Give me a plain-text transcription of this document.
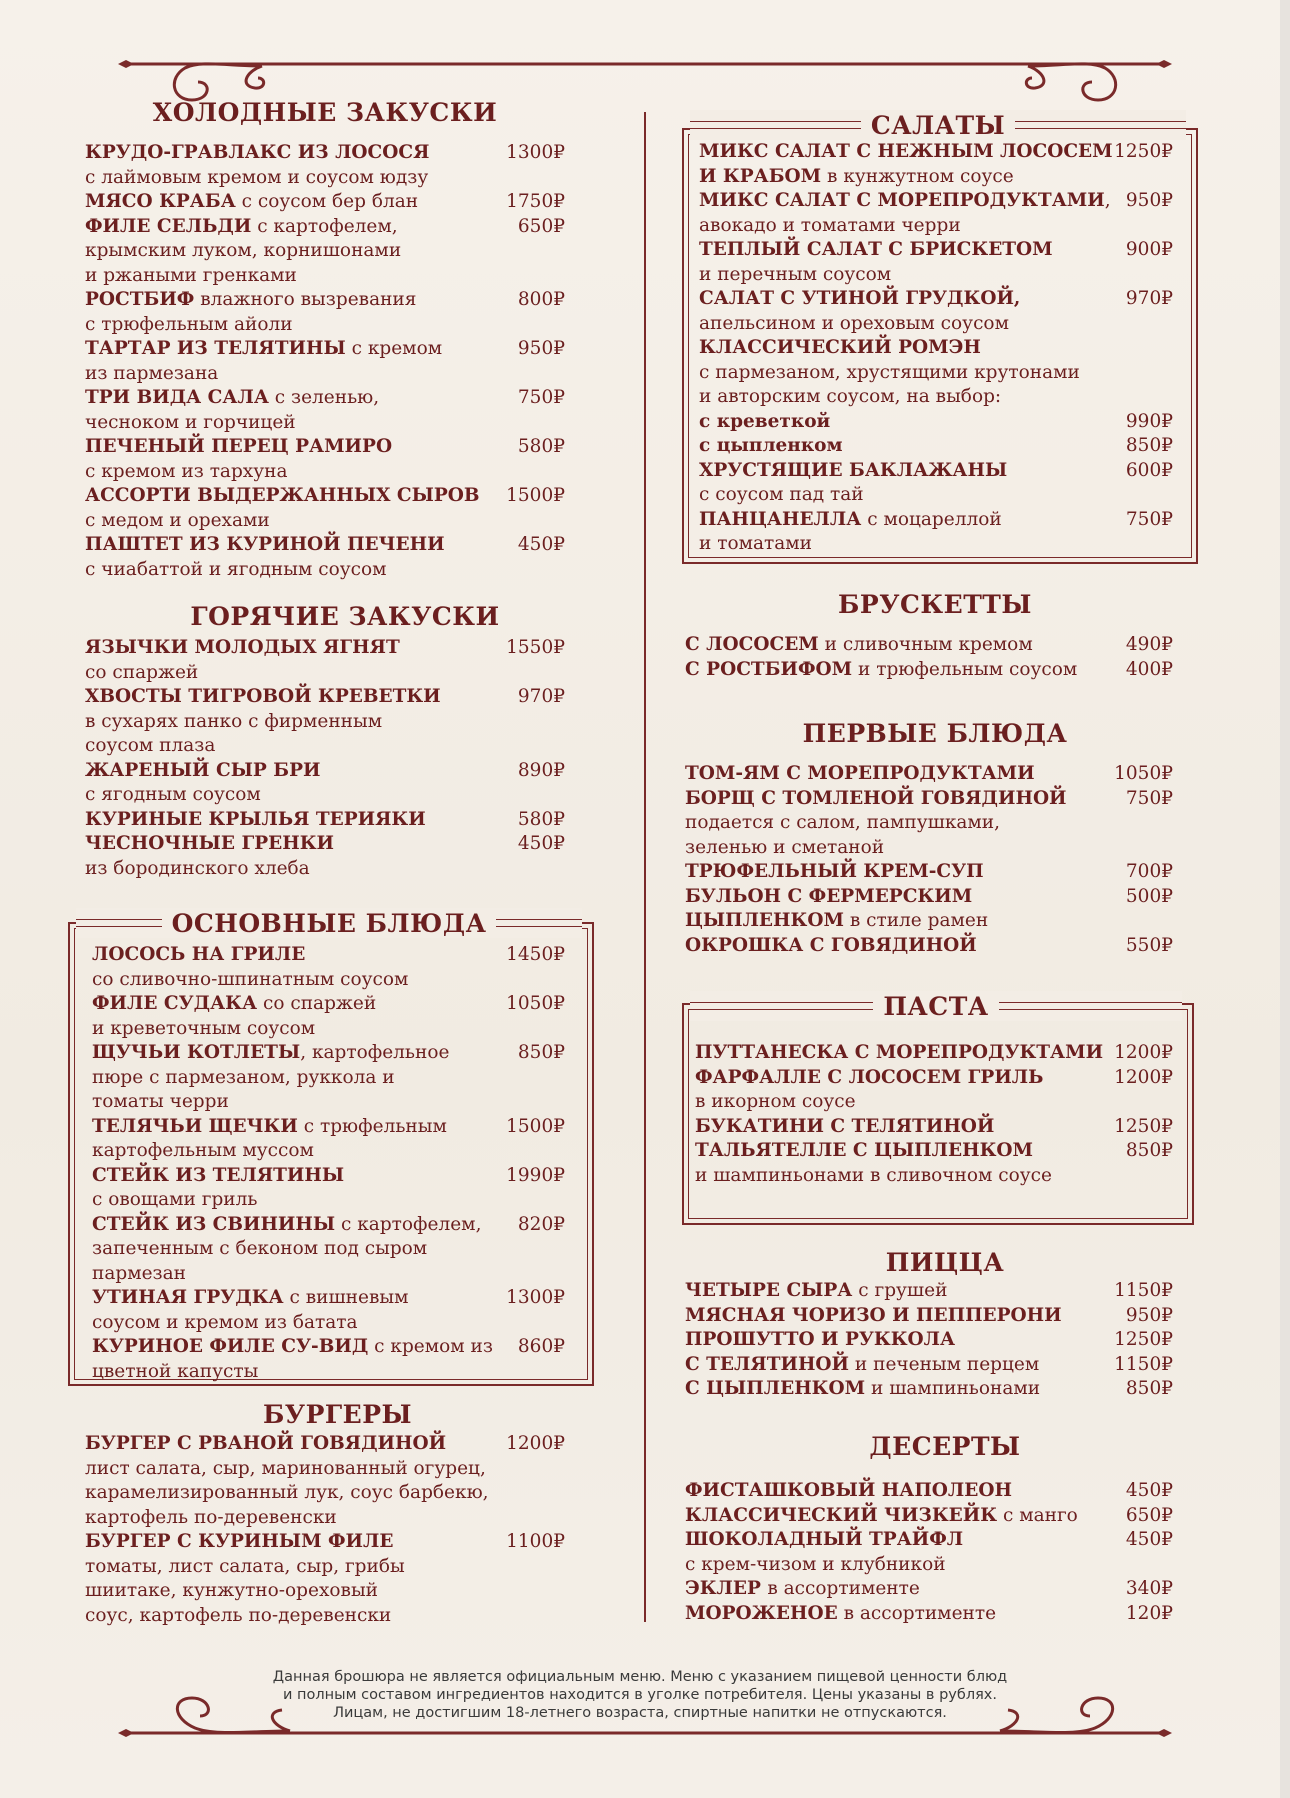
ХОЛОДНЫЕ ЗАКУСКИ
КРУДО-ГРАВЛАКС ИЗ ЛОСОСЯ	1300₽
с лаймовым кремом и соусом юдзу
МЯСО КРАБА с соусом бер блан	1750₽
ФИЛЕ СЕЛЬДИ с картофелем,	650₽
крымским луком, корнишонами
и ржаными гренками
РОСТБИФ влажного вызревания	800₽
с трюфельным айоли
ТАРТАР ИЗ ТЕЛЯТИНЫ с кремом	950₽
из пармезана
ТРИ ВИДА САЛА с зеленью,	750₽
чесноком и горчицей
ПЕЧЕНЫЙ ПЕРЕЦ РАМИРО	580₽
с кремом из тархуна
АССОРТИ ВЫДЕРЖАННЫХ СЫРОВ 1500₽
с медом и орехами
ПАШТЕТ ИЗ КУРИНОЙ ПЕЧЕНИ	450₽
с чиабаттой и ягодным соусом
ГОРЯЧИЕ ЗАКУСКИ
ЯЗЫЧКИ МОЛОДЫХ ЯГНЯТ	1550₽
со спаржей
ХВОСТЫ ТИГРОВОЙ КРЕВЕТКИ	970₽
в сухарях панко с фирменным
соусом плаза
ЖАРЕНЫЙ СЫР БРИ	890₽
с ягодным соусом
КУРИНЫЕ КРЫЛЬЯ ТЕРИЯКИ	580₽
ЧЕСНОЧНЫЕ ГРЕНКИ	450₽
из бородинского хлеба
ОСНОВНЫЕ БЛЮДА
ЛОСОСЬ НА ГРИЛЕ	1450₽
со сливочно-шпинатным соусом
ФИЛЕ СУДАКА со спаржей	1050₽
и креветочным соусом
ЩУЧЬИ КОТЛЕТЫ, картофельное	850₽
пюре с пармезаном, руккола и
томаты черри
ТЕЛЯЧЬИ ЩЕЧКИ с трюфельным	1500₽
картофельным муссом
СТЕЙК ИЗ ТЕЛЯТИНЫ	1990₽
с овощами гриль
СТЕЙК ИЗ СВИНИНЫ с картофелем, 820₽
запеченным с беконом под сыром
пармезан
УТИНАЯ ГРУДКА с вишневым	1300₽
соусом и кремом из батата
КУРИНОЕ ФИЛЕ СУ-ВИД с кремом из 860₽
цветной капусты
БУРГЕРЫ
БУРГЕР С РВАНОЙ ГОВЯДИНОЙ	1200₽
лист салата, сыр, маринованный огурец,
карамелизированный лук, соус барбекю,
картофель по-деревенски
БУРГЕР С КУРИНЫМ ФИЛЕ	1100₽
томаты, лист салата, сыр, грибы
шиитаке, кунжутно-ореховый
соус, картофель по-деревенски
САЛАТЫ
МИКС САЛАТ С НЕЖНЫМ ЛОСОСЕМ 1250₽
И КРАБОМ в кунжутном соусе
МИКС САЛАТ С МОРЕПРОДУКТАМИ, 950₽
авокадо и томатами черри
ТЕПЛЫЙ САЛАТ С БРИСКЕТОМ	900₽
и перечным соусом
САЛАТ С УТИНОЙ ГРУДКОЙ,	970₽
апельсином и ореховым соусом
КЛАССИЧЕСКИЙ РОМЭН
с пармезаном, хрустящими крутонами
и авторским соусом, на выбор:
с креветкой	990₽
с цыпленком	850₽
ХРУСТЯЩИЕ БАКЛАЖАНЫ	600₽
с соусом пад тай
ПАНЦАНЕЛЛА с моцареллой	750₽
и томатами
БРУСКЕТТЫ
С ЛОСОСЕМ и сливочным кремом	490₽
С РОСТБИФОМ и трюфельным соусом	400₽
ПЕРВЫЕ БЛЮДА
ТОМ-ЯМ С МОРЕПРОДУКТАМИ	1050₽
БОРЩ С ТОМЛЕНОЙ ГОВЯДИНОЙ	750₽
подается с салом, пампушками,
зеленью и сметаной
ТРЮФЕЛЬНЫЙ КРЕМ-СУП	700₽
БУЛЬОН С ФЕРМЕРСКИМ	500₽
ЦЫПЛЕНКОМ в стиле рамен
ОКРОШКА С ГОВЯДИНОЙ	550₽
ПАСТА
ПУТТАНЕСКА С МОРЕПРОДУКТАМИ 1200₽
ФАРФАЛЛЕ С ЛОСОСЕМ ГРИЛЬ	1200₽
в икорном соусе
БУКАТИНИ С ТЕЛЯТИНОЙ	1250₽
ТАЛЬЯТЕЛЛЕ С ЦЫПЛЕНКОМ	850₽
и шампиньонами в сливочном соусе
ПИЦЦА
ЧЕТЫРЕ СЫРА с грушей	1150₽
МЯСНАЯ ЧОРИЗО И ПЕППЕРОНИ	950₽
ПРОШУТТО И РУККОЛА	1250₽
С ТЕЛЯТИНОЙ и печеным перцем	1150₽
С ЦЫПЛЕНКОМ и шампиньонами	850₽
ДЕСЕРТЫ
ФИСТАШКОВЫЙ НАПОЛЕОН	450₽
КЛАССИЧЕСКИЙ ЧИЗКЕЙК с манго	650₽
ШОКОЛАДНЫЙ ТРАЙФЛ	450₽
с крем-чизом и клубникой
ЭКЛЕР в ассортименте	340₽
МОРОЖЕНОЕ в ассортименте	120₽
Данная брошюра не является официальным меню. Меню с указанием пищевой ценности блюд
и полным составом ингредиентов находится в уголке потребителя. Цены указаны в рублях.
Лицам, не достигшим 18-летнего возраста, спиртные напитки не отпускаются.
